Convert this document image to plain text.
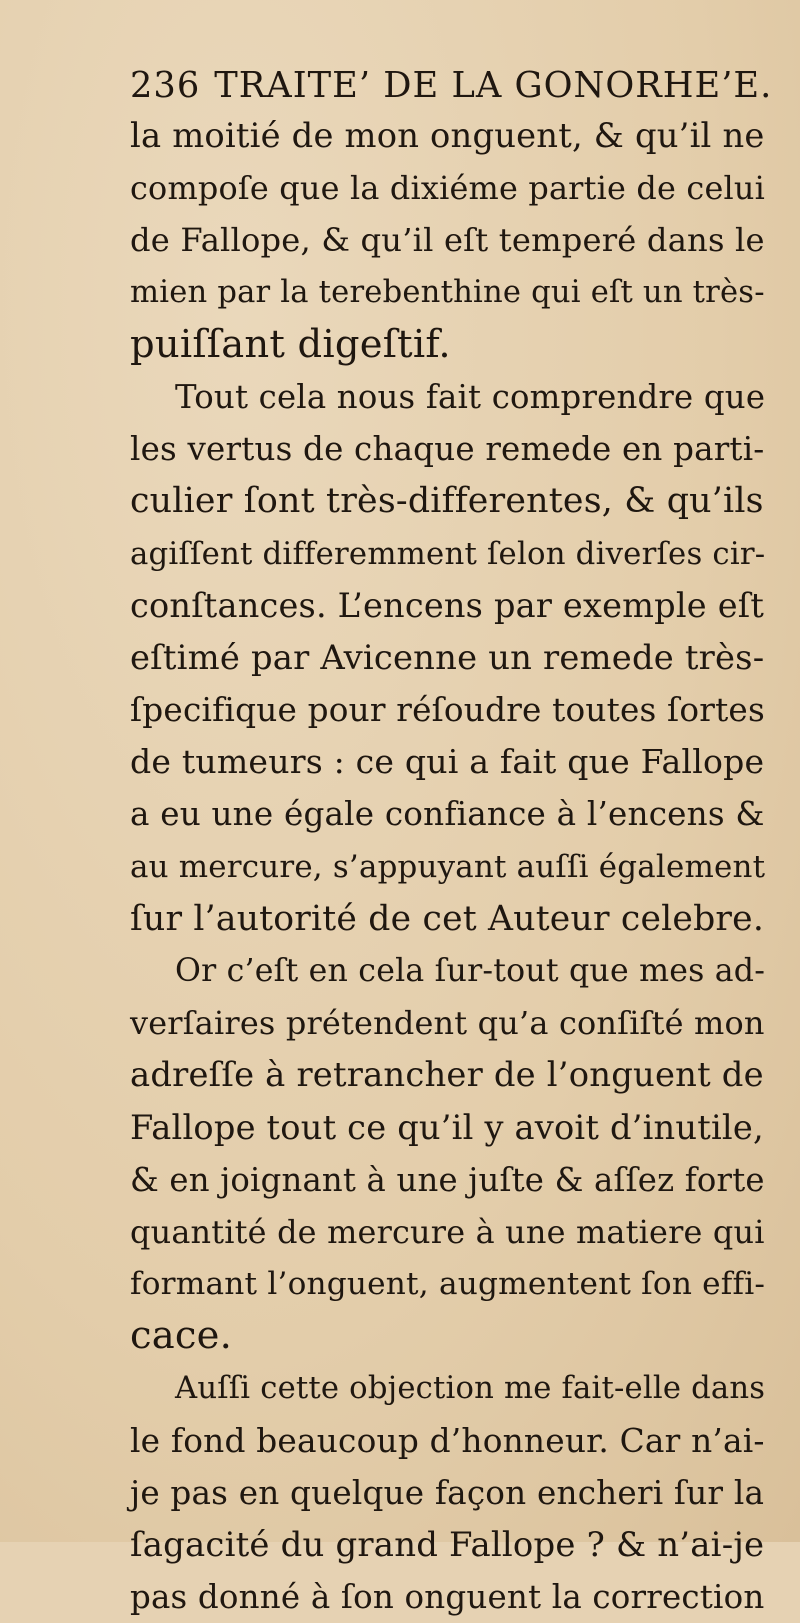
236 TRAITE’ DE LA GONORHE’E.
la moitié de mon onguent, & qu’il ne
compoſe que la dixiéme partie de celui
de Fallope, & qu’il eſt temperé dans le
mien par la terebenthine qui eſt un très-
puiſſant digeſtif.
Tout cela nous fait comprendre que
les vertus de chaque remede en parti-
culier ſont très-differentes, & qu’ils
agiſſent differemment ſelon diverſes cir-
conſtances. L’encens par exemple eſt
eſtimé par Avicenne un remede très-
ſpecifique pour réſoudre toutes ſortes
de tumeurs : ce qui a fait que Fallope
a eu une égale confiance à l’encens &
au mercure, s’appuyant auſſi également
ſur l’autorité de cet Auteur celebre.
Or c’eſt en cela ſur-tout que mes ad-
verſaires prétendent qu’a conſiſté mon
adreſſe à retrancher de l’onguent de
Fallope tout ce qu’il y avoit d’inutile,
& en joignant à une juſte & aſſez forte
quantité de mercure à une matiere qui
formant l’onguent, augmentent ſon effi-
cace.
Auſſi cette objection me fait-elle dans
le fond beaucoup d’honneur. Car n’ai-
je pas en quelque façon encheri ſur la
ſagacité du grand Fallope ? & n’ai-je
pas donné à ſon onguent la correction
